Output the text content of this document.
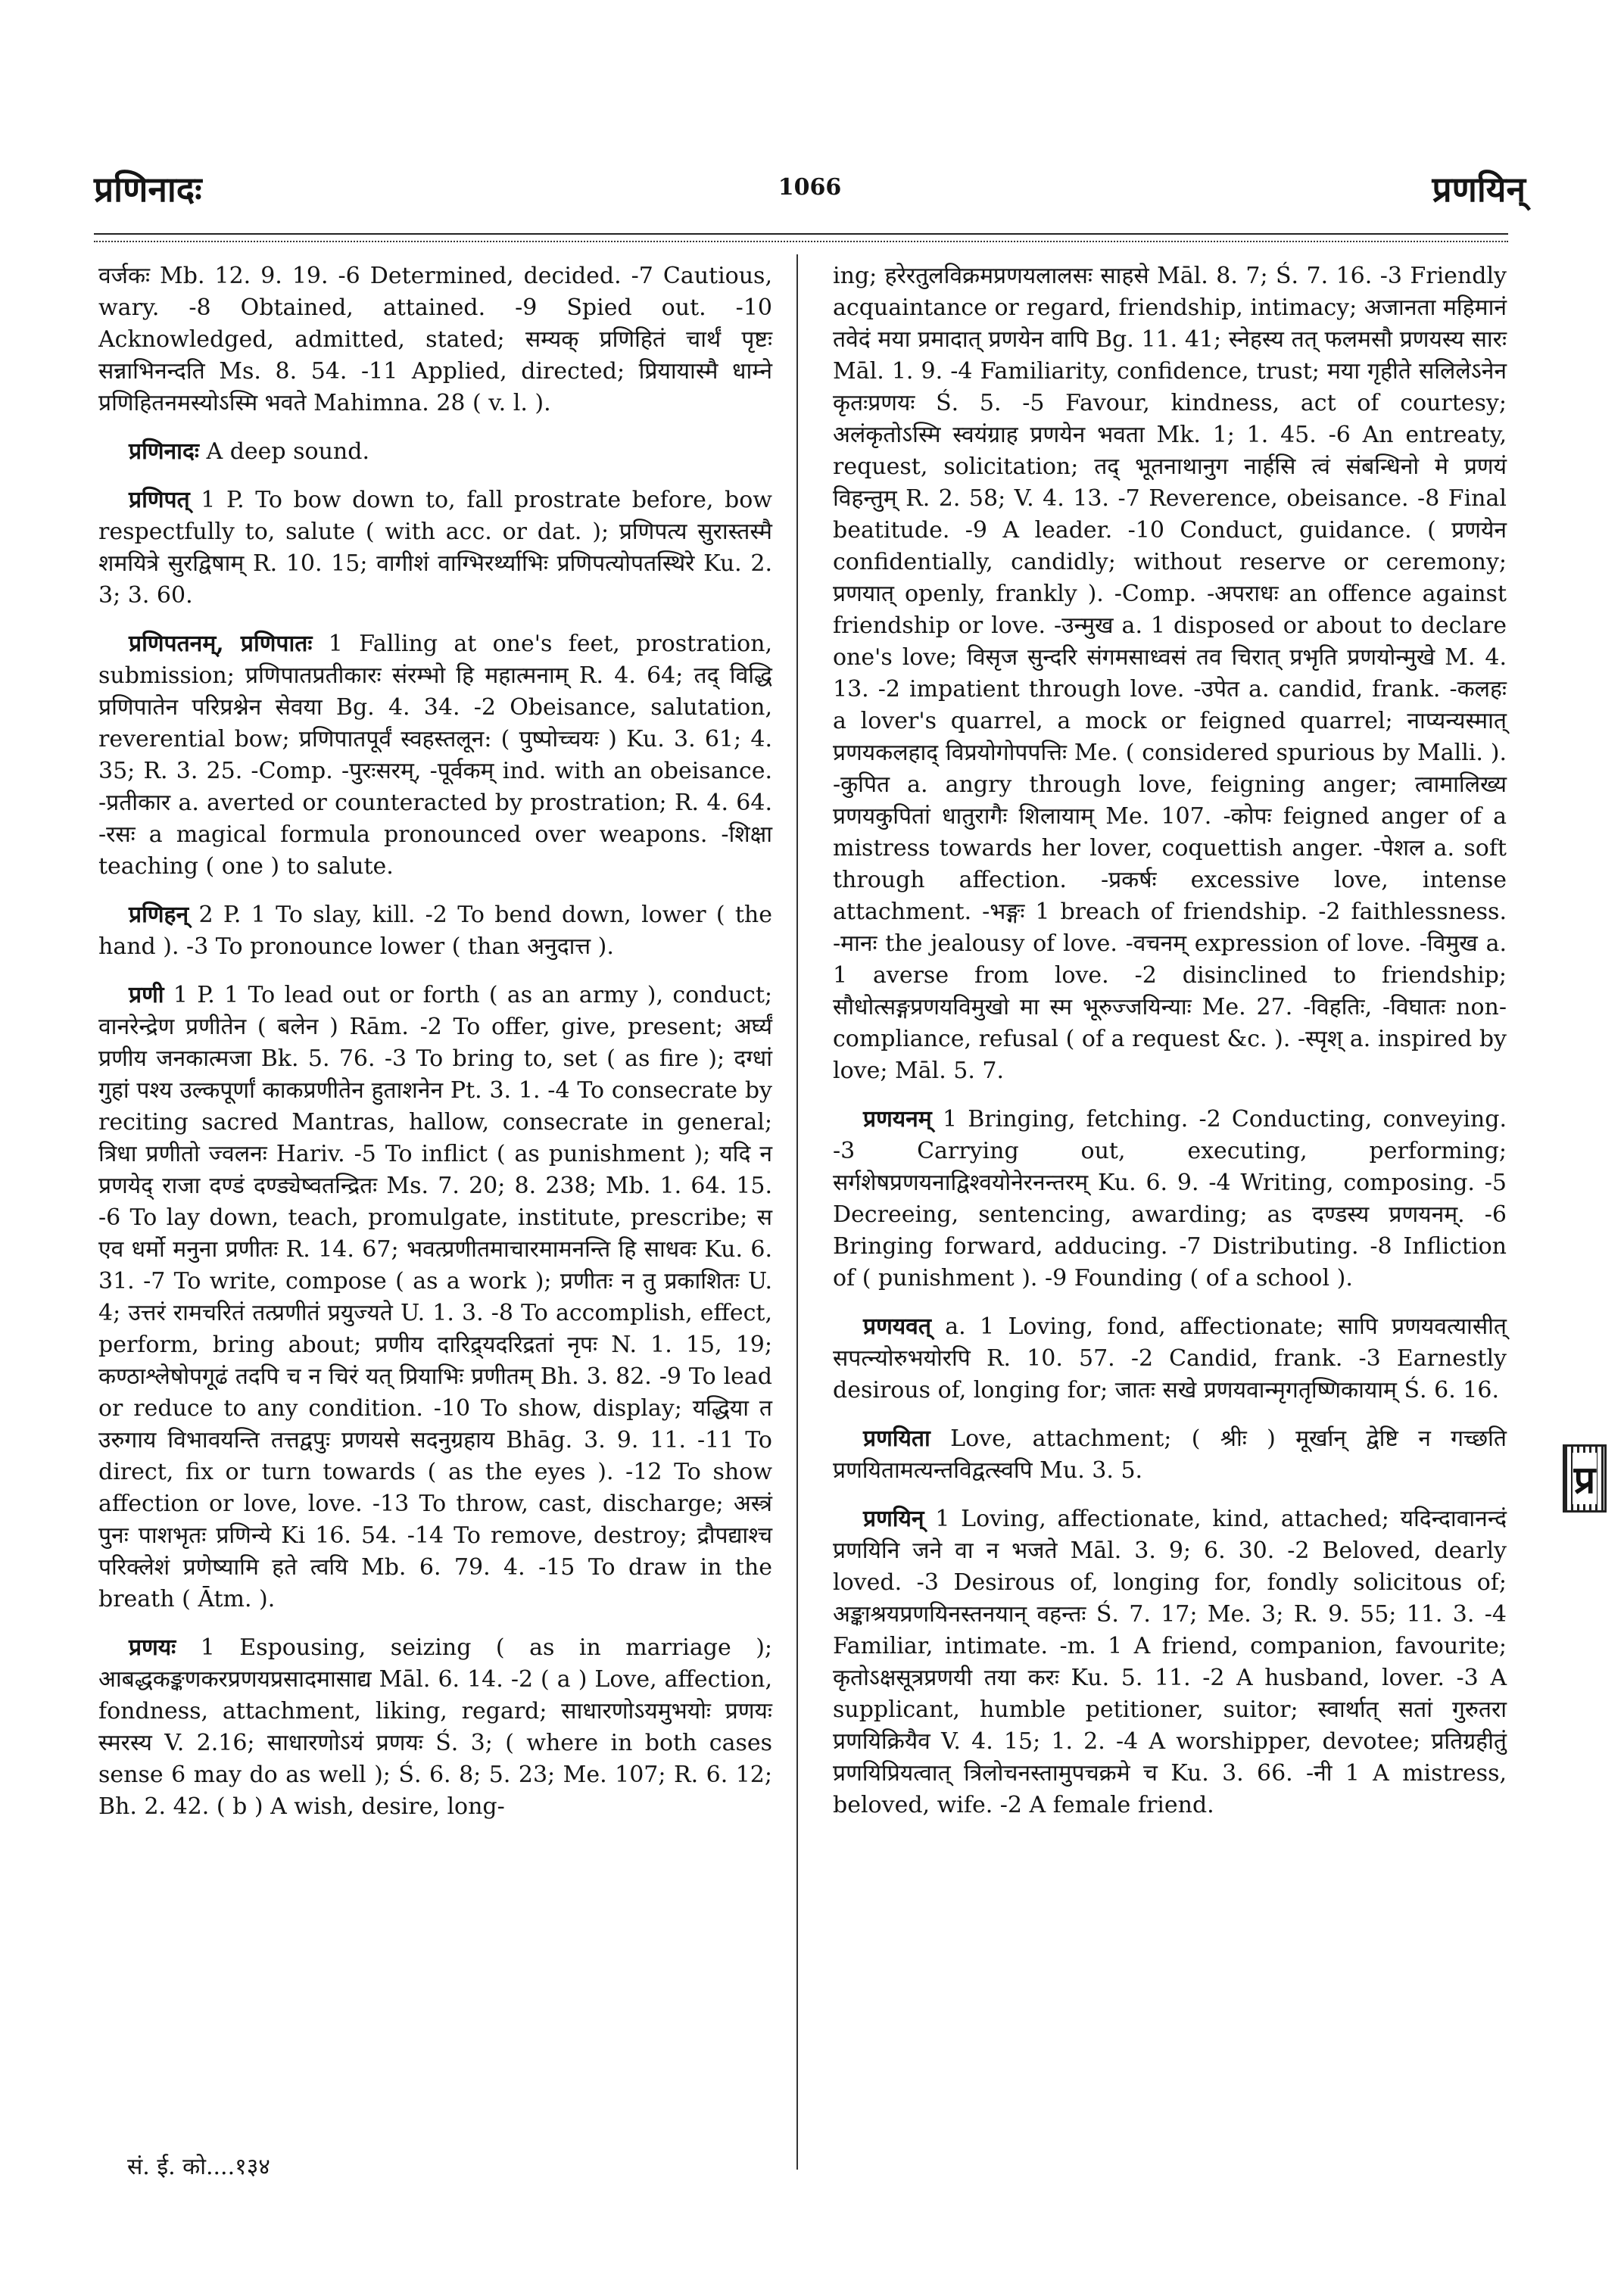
प्रणिनादः	1066	प्रणयिन्

वर्जकः Mb. 12. 9. 19. -6 Determined, decided. -7 Cautious, wary. -8 Obtained, attained. -9 Spied out. -10 Acknowledged, admitted, stated; सम्यक् प्रणिहितं चार्थं पृष्टः सन्नाभिनन्दति Ms. 8. 54. -11 Applied, directed; प्रियायास्मै धाम्ने प्रणिहितनमस्योऽस्मि भवते Mahimna. 28 ( v. l. ).

प्रणिनादः A deep sound.

प्रणिपत् 1 P. To bow down to, fall prostrate before, bow respectfully to, salute ( with acc. or dat. ); प्रणिपत्य सुरास्तस्मै शमयित्रे सुरद्विषाम् R. 10. 15; वागीशं वाग्भिरर्थ्याभिः प्रणिपत्योपतस्थिरे Ku. 2. 3; 3. 60.

प्रणिपतनम्, प्रणिपातः 1 Falling at one's feet, prostration, submission; प्रणिपातप्रतीकारः संरम्भो हि महात्मनाम् R. 4. 64; तद् विद्धि प्रणिपातेन परिप्रश्नेन सेवया Bg. 4. 34. -2 Obeisance, salutation, reverential bow; प्रणिपातपूर्वं स्वहस्तलून: ( पुष्पोच्चयः ) Ku. 3. 61; 4. 35; R. 3. 25. -Comp. -पुरःसरम्, -पूर्वकम् ind. with an obeisance. -प्रतीकार a. averted or counteracted by prostration; R. 4. 64. -रसः a magical formula pronounced over weapons. -शिक्षा teaching ( one ) to salute.

प्रणिहन् 2 P. 1 To slay, kill. -2 To bend down, lower ( the hand ). -3 To pronounce lower ( than अनुदात्त ).

प्रणी 1 P. 1 To lead out or forth ( as an army ), conduct; वानरेन्द्रेण प्रणीतेन ( बलेन ) Rām. -2 To offer, give, present; अर्घ्यं प्रणीय जनकात्मजा Bk. 5. 76. -3 To bring to, set ( as fire ); दग्धां गुहां पश्य उल्कपूर्णां काकप्रणीतेन हुताशनेन Pt. 3. 1. -4 To consecrate by reciting sacred Mantras, hallow, consecrate in general; त्रिधा प्रणीतो ज्वलनः Hariv. -5 To inflict ( as punishment ); यदि न प्रणयेद् राजा दण्डं दण्ड्येष्वतन्द्रितः Ms. 7. 20; 8. 238; Mb. 1. 64. 15. -6 To lay down, teach, promulgate, institute, prescribe; स एव धर्मो मनुना प्रणीतः R. 14. 67; भवत्प्रणीतमाचारमामनन्ति हि साधवः Ku. 6. 31. -7 To write, compose ( as a work ); प्रणीतः न तु प्रकाशितः U. 4; उत्तरं रामचरितं तत्प्रणीतं प्रयुज्यते U. 1. 3. -8 To accomplish, effect, perform, bring about; प्रणीय दारिद्र्यदरिद्रतां नृपः N. 1. 15, 19; कण्ठाश्लेषोपगूढं तदपि च न चिरं यत् प्रियाभिः प्रणीतम् Bh. 3. 82. -9 To lead or reduce to any condition. -10 To show, display; यद्धिया त उरुगाय विभावयन्ति तत्तद्वपुः प्रणयसे सदनुग्रहाय Bhāg. 3. 9. 11. -11 To direct, fix or turn towards ( as the eyes ). -12 To show affection or love, love. -13 To throw, cast, discharge; अस्त्रं पुनः पाशभृतः प्रणिन्ये Ki 16. 54. -14 To remove, destroy; द्रौपद्याश्च परिक्लेशं प्रणेष्यामि हते त्वयि Mb. 6. 79. 4. -15 To draw in the breath ( Ātm. ).

प्रणयः 1 Espousing, seizing ( as in marriage ); आबद्धकङ्कणकरप्रणयप्रसादमासाद्य Māl. 6. 14. -2 ( a ) Love, affection, fondness, attachment, liking, regard; साधारणोऽयमुभयोः प्रणयः स्मरस्य V. 2.16; साधारणोऽयं प्रणयः Ś. 3; ( where in both cases sense 6 may do as well ); Ś. 6. 8; 5. 23; Me. 107; R. 6. 12; Bh. 2. 42. ( b ) A wish, desire, long-

ing; हरेरतुलविक्रमप्रणयलालसः साहसे Māl. 8. 7; Ś. 7. 16. -3 Friendly acquaintance or regard, friendship, intimacy; अजानता महिमानं तवेदं मया प्रमादात् प्रणयेन वापि Bg. 11. 41; स्नेहस्य तत् फलमसौ प्रणयस्य सारः Māl. 1. 9. -4 Familiarity, confidence, trust; मया गृहीते सलिलेऽनेन कृतःप्रणयः Ś. 5. -5 Favour, kindness, act of courtesy; अलंकृतोऽस्मि स्वयंग्राह प्रणयेन भवता Mk. 1; 1. 45. -6 An entreaty, request, solicitation; तद् भूतनाथानुग नार्हसि त्वं संबन्धिनो मे प्रणयं विहन्तुम् R. 2. 58; V. 4. 13. -7 Reverence, obeisance. -8 Final beatitude. -9 A leader. -10 Conduct, guidance. ( प्रणयेन confidentially, candidly; without reserve or ceremony; प्रणयात् openly, frankly ). -Comp. -अपराधः an offence against friendship or love. -उन्मुख a. 1 disposed or about to declare one's love; विसृज सुन्दरि संगमसाध्वसं तव चिरात् प्रभृति प्रणयोन्मुखे M. 4. 13. -2 impatient through love. -उपेत a. candid, frank. -कलहः a lover's quarrel, a mock or feigned quarrel; नाप्यन्यस्मात् प्रणयकलहाद् विप्रयोगोपपत्तिः Me. ( considered spurious by Malli. ). -कुपित a. angry through love, feigning anger; त्वामालिख्य प्रणयकुपितां धातुरागैः शिलायाम् Me. 107. -कोपः feigned anger of a mistress towards her lover, coquettish anger. -पेशल a. soft through affection. -प्रकर्षः excessive love, intense attachment. -भङ्गः 1 breach of friendship. -2 faithlessness. -मानः the jealousy of love. -वचनम् expression of love. -विमुख a. 1 averse from love. -2 disinclined to friendship; सौधोत्सङ्गप्रणयविमुखो मा स्म भूरुज्जयिन्याः Me. 27. -विहतिः, -विघातः non-compliance, refusal ( of a request &c. ). -स्पृश् a. inspired by love; Māl. 5. 7.

प्रणयनम् 1 Bringing, fetching. -2 Conducting, conveying. -3 Carrying out, executing, performing; सर्गशेषप्रणयनाद्विश्वयोनेरनन्तरम् Ku. 6. 9. -4 Writing, composing. -5 Decreeing, sentencing, awarding; as दण्डस्य प्रणयनम्. -6 Bringing forward, adducing. -7 Distributing. -8 Infliction of ( punishment ). -9 Founding ( of a school ).

प्रणयवत् a. 1 Loving, fond, affectionate; सापि प्रणयवत्यासीत् सपत्न्योरुभयोरपि R. 10. 57. -2 Candid, frank. -3 Earnestly desirous of, longing for; जातः सखे प्रणयवान्मृगतृष्णिकायाम् Ś. 6. 16.

प्रणयिता Love, attachment; ( श्रीः ) मूर्खान् द्वेष्टि न गच्छति प्रणयितामत्यन्तविद्वत्स्वपि Mu. 3. 5.

प्रणयिन् 1 Loving, affectionate, kind, attached; यदिन्दावानन्दं प्रणयिनि जने वा न भजते Māl. 3. 9; 6. 30. -2 Beloved, dearly loved. -3 Desirous of, longing for, fondly solicitous of; अङ्काश्रयप्रणयिनस्तनयान् वहन्तः Ś. 7. 17; Me. 3; R. 9. 55; 11. 3. -4 Familiar, intimate. -m. 1 A friend, companion, favourite; कृतोऽक्षसूत्रप्रणयी तया करः Ku. 5. 11. -2 A husband, lover. -3 A supplicant, humble petitioner, suitor; स्वार्थात् सतां गुरुतरा प्रणयिक्रियैव V. 4. 15; 1. 2. -4 A worshipper, devotee; प्रतिग्रहीतुं प्रणयिप्रियत्वात् त्रिलोचनस्तामुपचक्रमे च Ku. 3. 66. -नी 1 A mistress, beloved, wife. -2 A female friend.

सं. ई. को....१३४
प्र
